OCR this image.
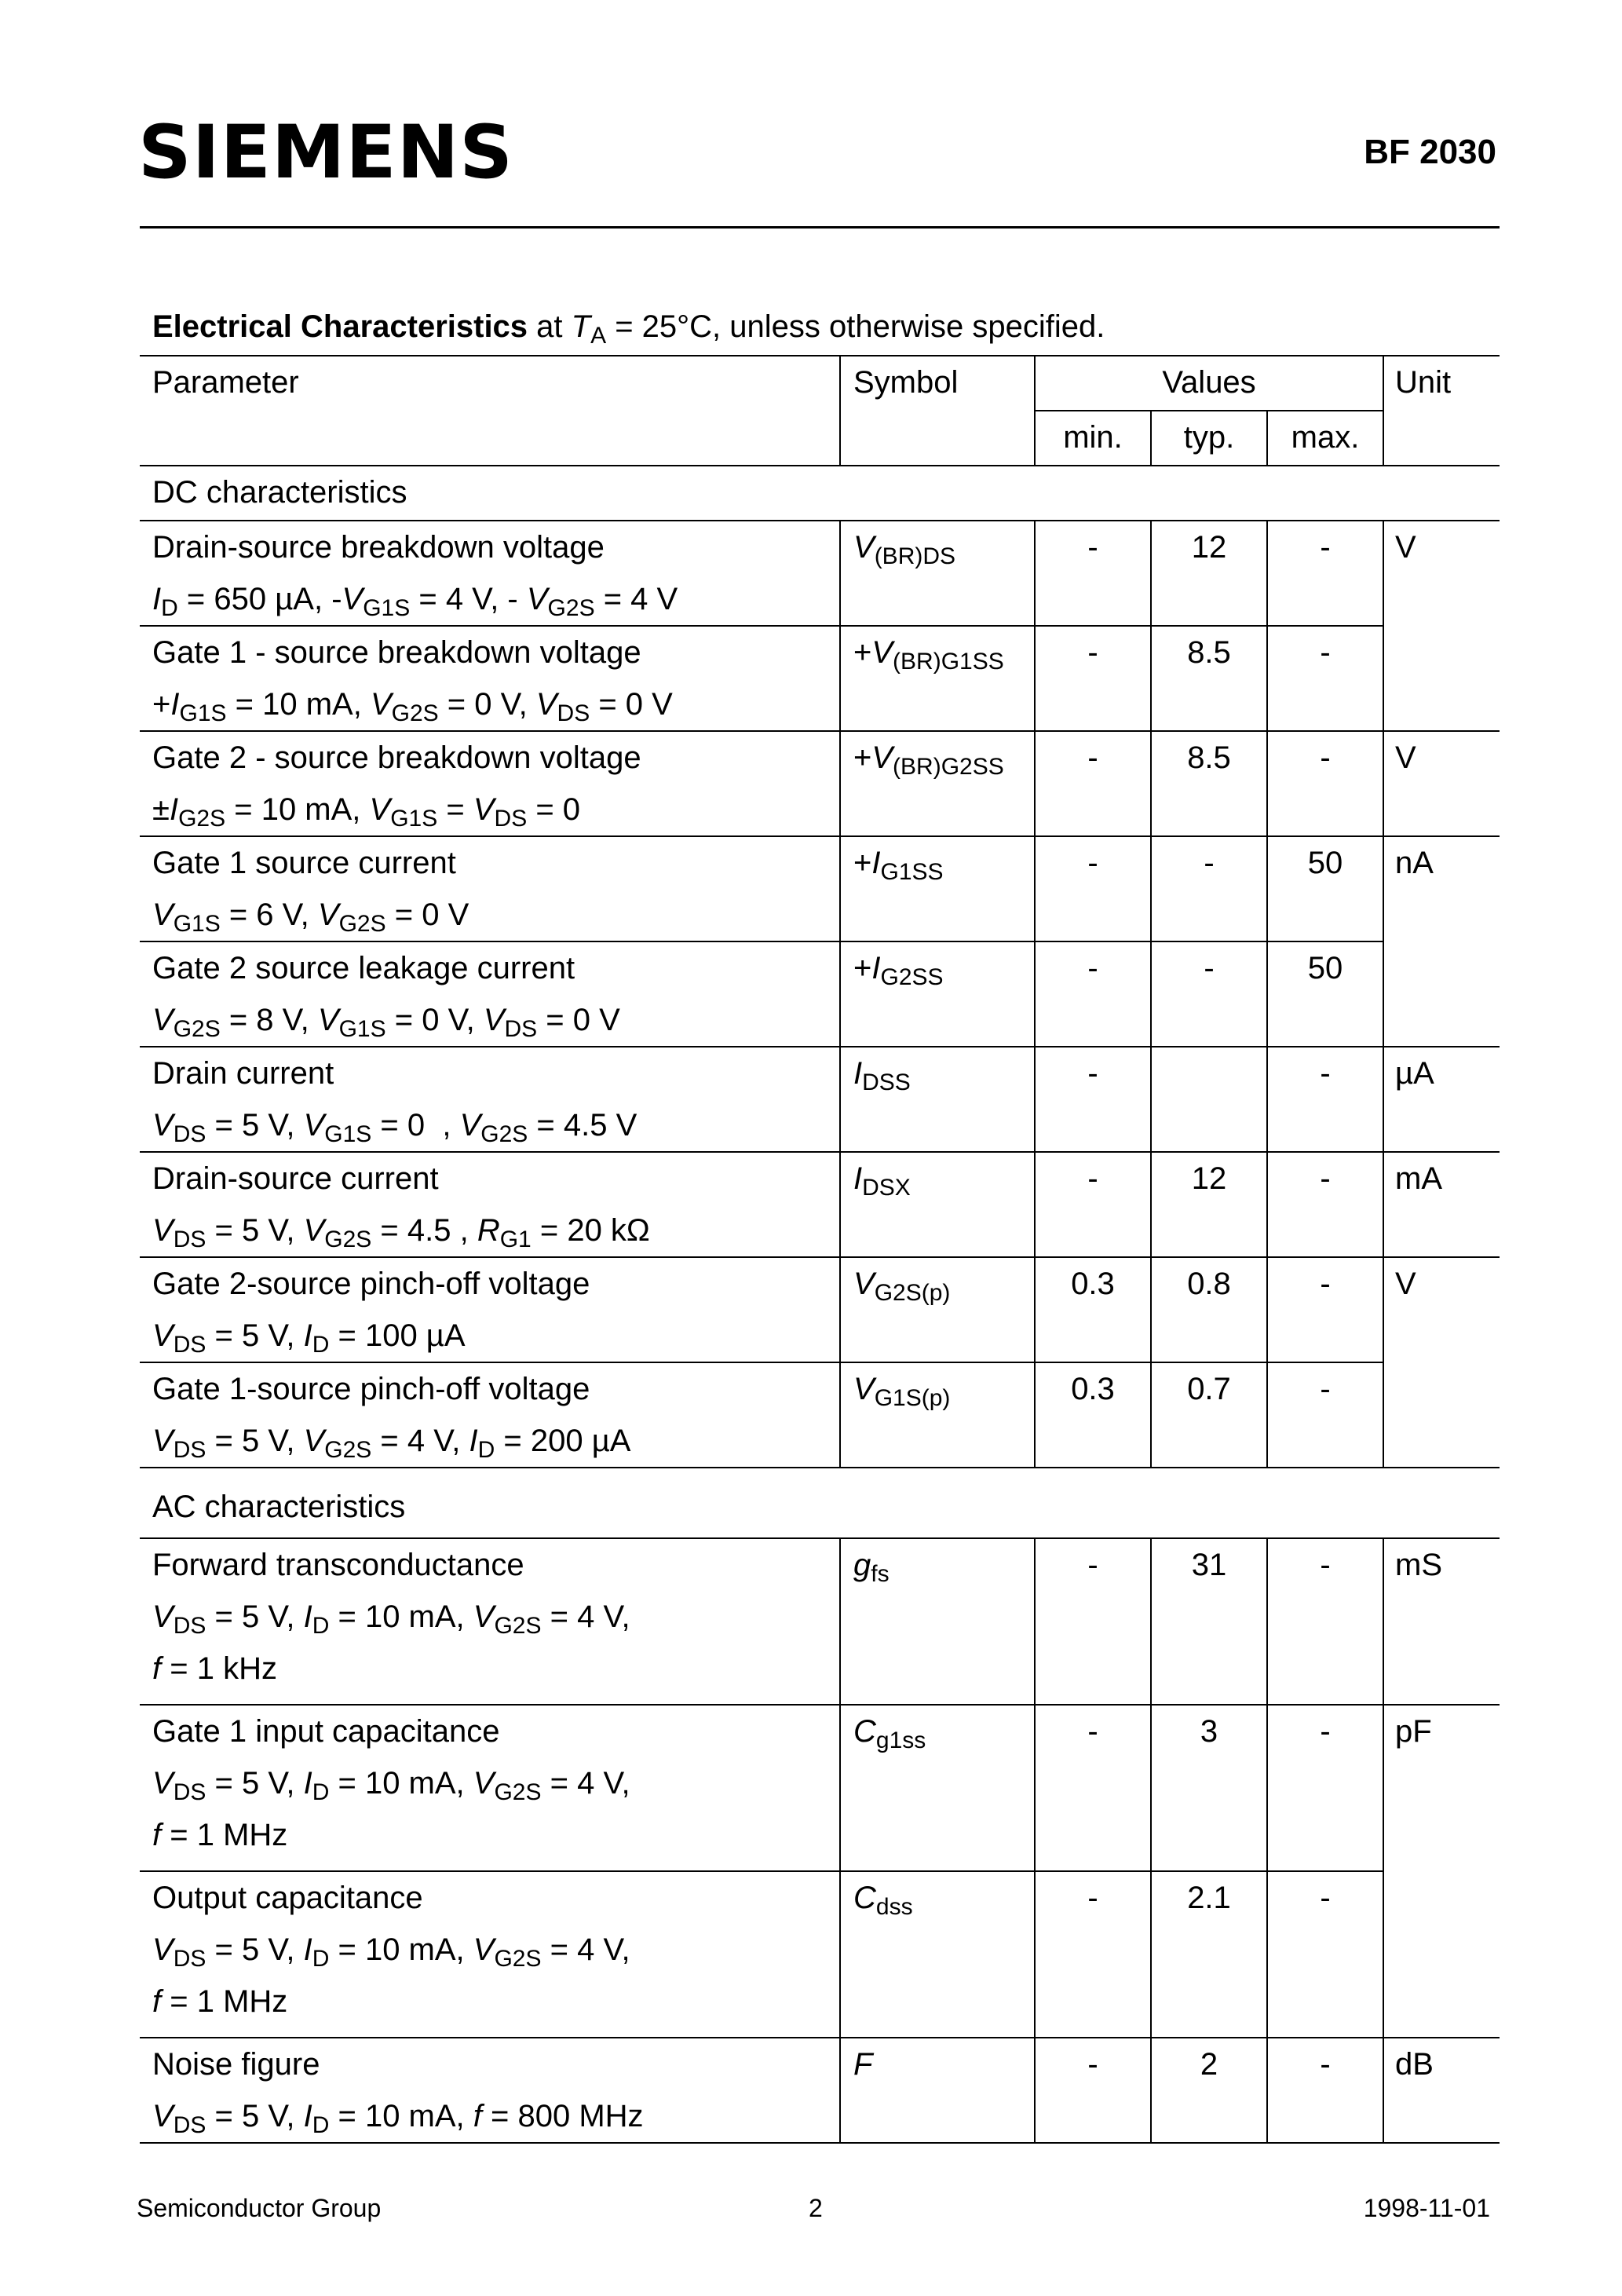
SIEMENS	BF 2030
Electrical Characteristics at $T_A = 25^\circ C$, unless otherwise specified.
Parameter	Symbol	Values			Unit

		min.	typ.	max.	

DC characteristics					

Drain-source breakdown voltage
$I_D = 650$ µA, $-V_{G1S} = 4$ V, - $V_{G2S} = 4$ V	$V_{(BR)DS}$	-	12	-	V

Gate 1 - source breakdown voltage
$+I_{G1S} = 10$ mA, $V_{G2S} = 0$ V, $V_{DS} = 0$ V	$+V_{(BR)G1SS}$	-	8.5	-	

Gate 2 - source breakdown voltage
$\pm I_{G2S} = 10$ mA, $V_{G1S} = V_{DS} = 0$	$+V_{(BR)G2SS}$	-	8.5	-	V

Gate 1 source current
$V_{G1S} = 6$ V, $V_{G2S} = 0$ V	$+I_{G1SS}$	-	-	50	nA

Gate 2 source leakage current
$V_{G2S} = 8$ V, $V_{G1S} = 0$ V, $V_{DS} = 0$ V	$+I_{G2SS}$	-	-	50	

Drain current
$V_{DS} = 5$ V, $V_{G1S} = 0$  , $V_{G2S} = 4.5$ V	$I_{DSS}$	-		-	µA

Drain-source current
$V_{DS} = 5$ V, $V_{G2S} = 4.5$ , $R_{G1} = 20$ kΩ	$I_{DSX}$	-	12	-	mA

Gate 2-source pinch-off voltage
$V_{DS} = 5$ V, $I_D = 100$ µA	$V_{G2S(p)}$	0.3	0.8	-	V

Gate 1-source pinch-off voltage
$V_{DS} = 5$ V, $V_{G2S} = 4$ V, $I_D = 200$ µA	$V_{G1S(p)}$	0.3	0.7	-	

AC characteristics					

Forward transconductance
$V_{DS} = 5$ V, $I_D = 10$ mA, $V_{G2S} = 4$ V,
f = 1 kHz	$g_{fs}$	-	31	-	mS

Gate 1 input capacitance
$V_{DS} = 5$ V, $I_D = 10$ mA, $V_{G2S} = 4$ V,
f = 1 MHz	$C_{g1ss}$	-	3	-	pF

Output capacitance
$V_{DS} = 5$ V, $I_D = 10$ mA, $V_{G2S} = 4$ V,
f = 1 MHz	$C_{dss}$	-	2.1	-	

Noise figure
$V_{DS} = 5$ V, $I_D = 10$ mA, f = 800 MHz	F	-	2	-	dB
Semiconductor Group	2	1998-11-01
